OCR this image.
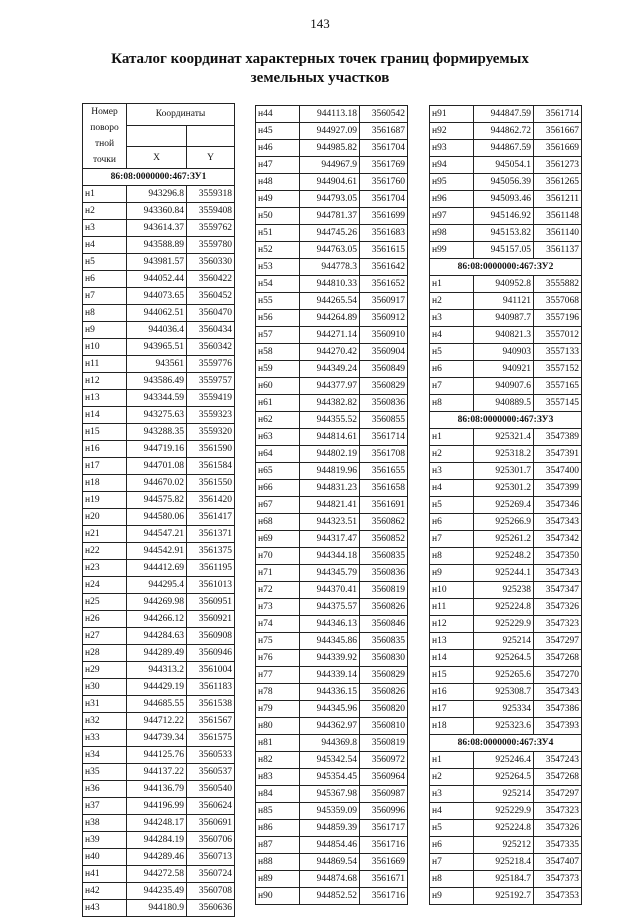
143
Каталог координат характерных точек границ формируемых
земельных участков
Номер
поворо
тной
точки	Координаты	

	X	Y
86:08:0000000:467:ЗУ1		
н1	943296.8	3559318
н2	943360.84	3559408
н3	943614.37	3559762
н4	943588.89	3559780
н5	943981.57	3560330
н6	944052.44	3560422
н7	944073.65	3560452
н8	944062.51	3560470
н9	944036.4	3560434
н10	943965.51	3560342
н11	943561	3559776
н12	943586.49	3559757
н13	943344.59	3559419
н14	943275.63	3559323
н15	943288.35	3559320
н16	944719.16	3561590
н17	944701.08	3561584
н18	944670.02	3561550
н19	944575.82	3561420
н20	944580.06	3561417
н21	944547.21	3561371
н22	944542.91	3561375
н23	944412.69	3561195
н24	944295.4	3561013
н25	944269.98	3560951
н26	944266.12	3560921
н27	944284.63	3560908
н28	944289.49	3560946
н29	944313.2	3561004
н30	944429.19	3561183
н31	944685.55	3561538
н32	944712.22	3561567
н33	944739.34	3561575
н34	944125.76	3560533
н35	944137.22	3560537
н36	944136.79	3560540
н37	944196.99	3560624
н38	944248.17	3560691
н39	944284.19	3560706
н40	944289.46	3560713
н41	944272.58	3560724
н42	944235.49	3560708
н43	944180.9	3560636
н44	944113.18	3560542
н45	944927.09	3561687
н46	944985.82	3561704
н47	944967.9	3561769
н48	944904.61	3561760
н49	944793.05	3561704
н50	944781.37	3561699
н51	944745.26	3561683
н52	944763.05	3561615
н53	944778.3	3561642
н54	944810.33	3561652
н55	944265.54	3560917
н56	944264.89	3560912
н57	944271.14	3560910
н58	944270.42	3560904
н59	944349.24	3560849
н60	944377.97	3560829
н61	944382.82	3560836
н62	944355.52	3560855
н63	944814.61	3561714
н64	944802.19	3561708
н65	944819.96	3561655
н66	944831.23	3561658
н67	944821.41	3561691
н68	944323.51	3560862
н69	944317.47	3560852
н70	944344.18	3560835
н71	944345.79	3560836
н72	944370.41	3560819
н73	944375.57	3560826
н74	944346.13	3560846
н75	944345.86	3560835
н76	944339.92	3560830
н77	944339.14	3560829
н78	944336.15	3560826
н79	944345.96	3560820
н80	944362.97	3560810
н81	944369.8	3560819
н82	945342.54	3560972
н83	945354.45	3560964
н84	945367.98	3560987
н85	945359.09	3560996
н86	944859.39	3561717
н87	944854.46	3561716
н88	944869.54	3561669
н89	944874.68	3561671
н90	944852.52	3561716
н91	944847.59	3561714
н92	944862.72	3561667
н93	944867.59	3561669
н94	945054.1	3561273
н95	945056.39	3561265
н96	945093.46	3561211
н97	945146.92	3561148
н98	945153.82	3561140
н99	945157.05	3561137
86:08:0000000:467:ЗУ2		
н1	940952.8	3555882
н2	941121	3557068
н3	940987.7	3557196
н4	940821.3	3557012
н5	940903	3557133
н6	940921	3557152
н7	940907.6	3557165
н8	940889.5	3557145
86:08:0000000:467:ЗУ3		
н1	925321.4	3547389
н2	925318.2	3547391
н3	925301.7	3547400
н4	925301.2	3547399
н5	925269.4	3547346
н6	925266.9	3547343
н7	925261.2	3547342
н8	925248.2	3547350
н9	925244.1	3547343
н10	925238	3547347
н11	925224.8	3547326
н12	925229.9	3547323
н13	925214	3547297
н14	925264.5	3547268
н15	925265.6	3547270
н16	925308.7	3547343
н17	925334	3547386
н18	925323.6	3547393
86:08:0000000:467:ЗУ4		
н1	925246.4	3547243
н2	925264.5	3547268
н3	925214	3547297
н4	925229.9	3547323
н5	925224.8	3547326
н6	925212	3547335
н7	925218.4	3547407
н8	925184.7	3547373
н9	925192.7	3547353
